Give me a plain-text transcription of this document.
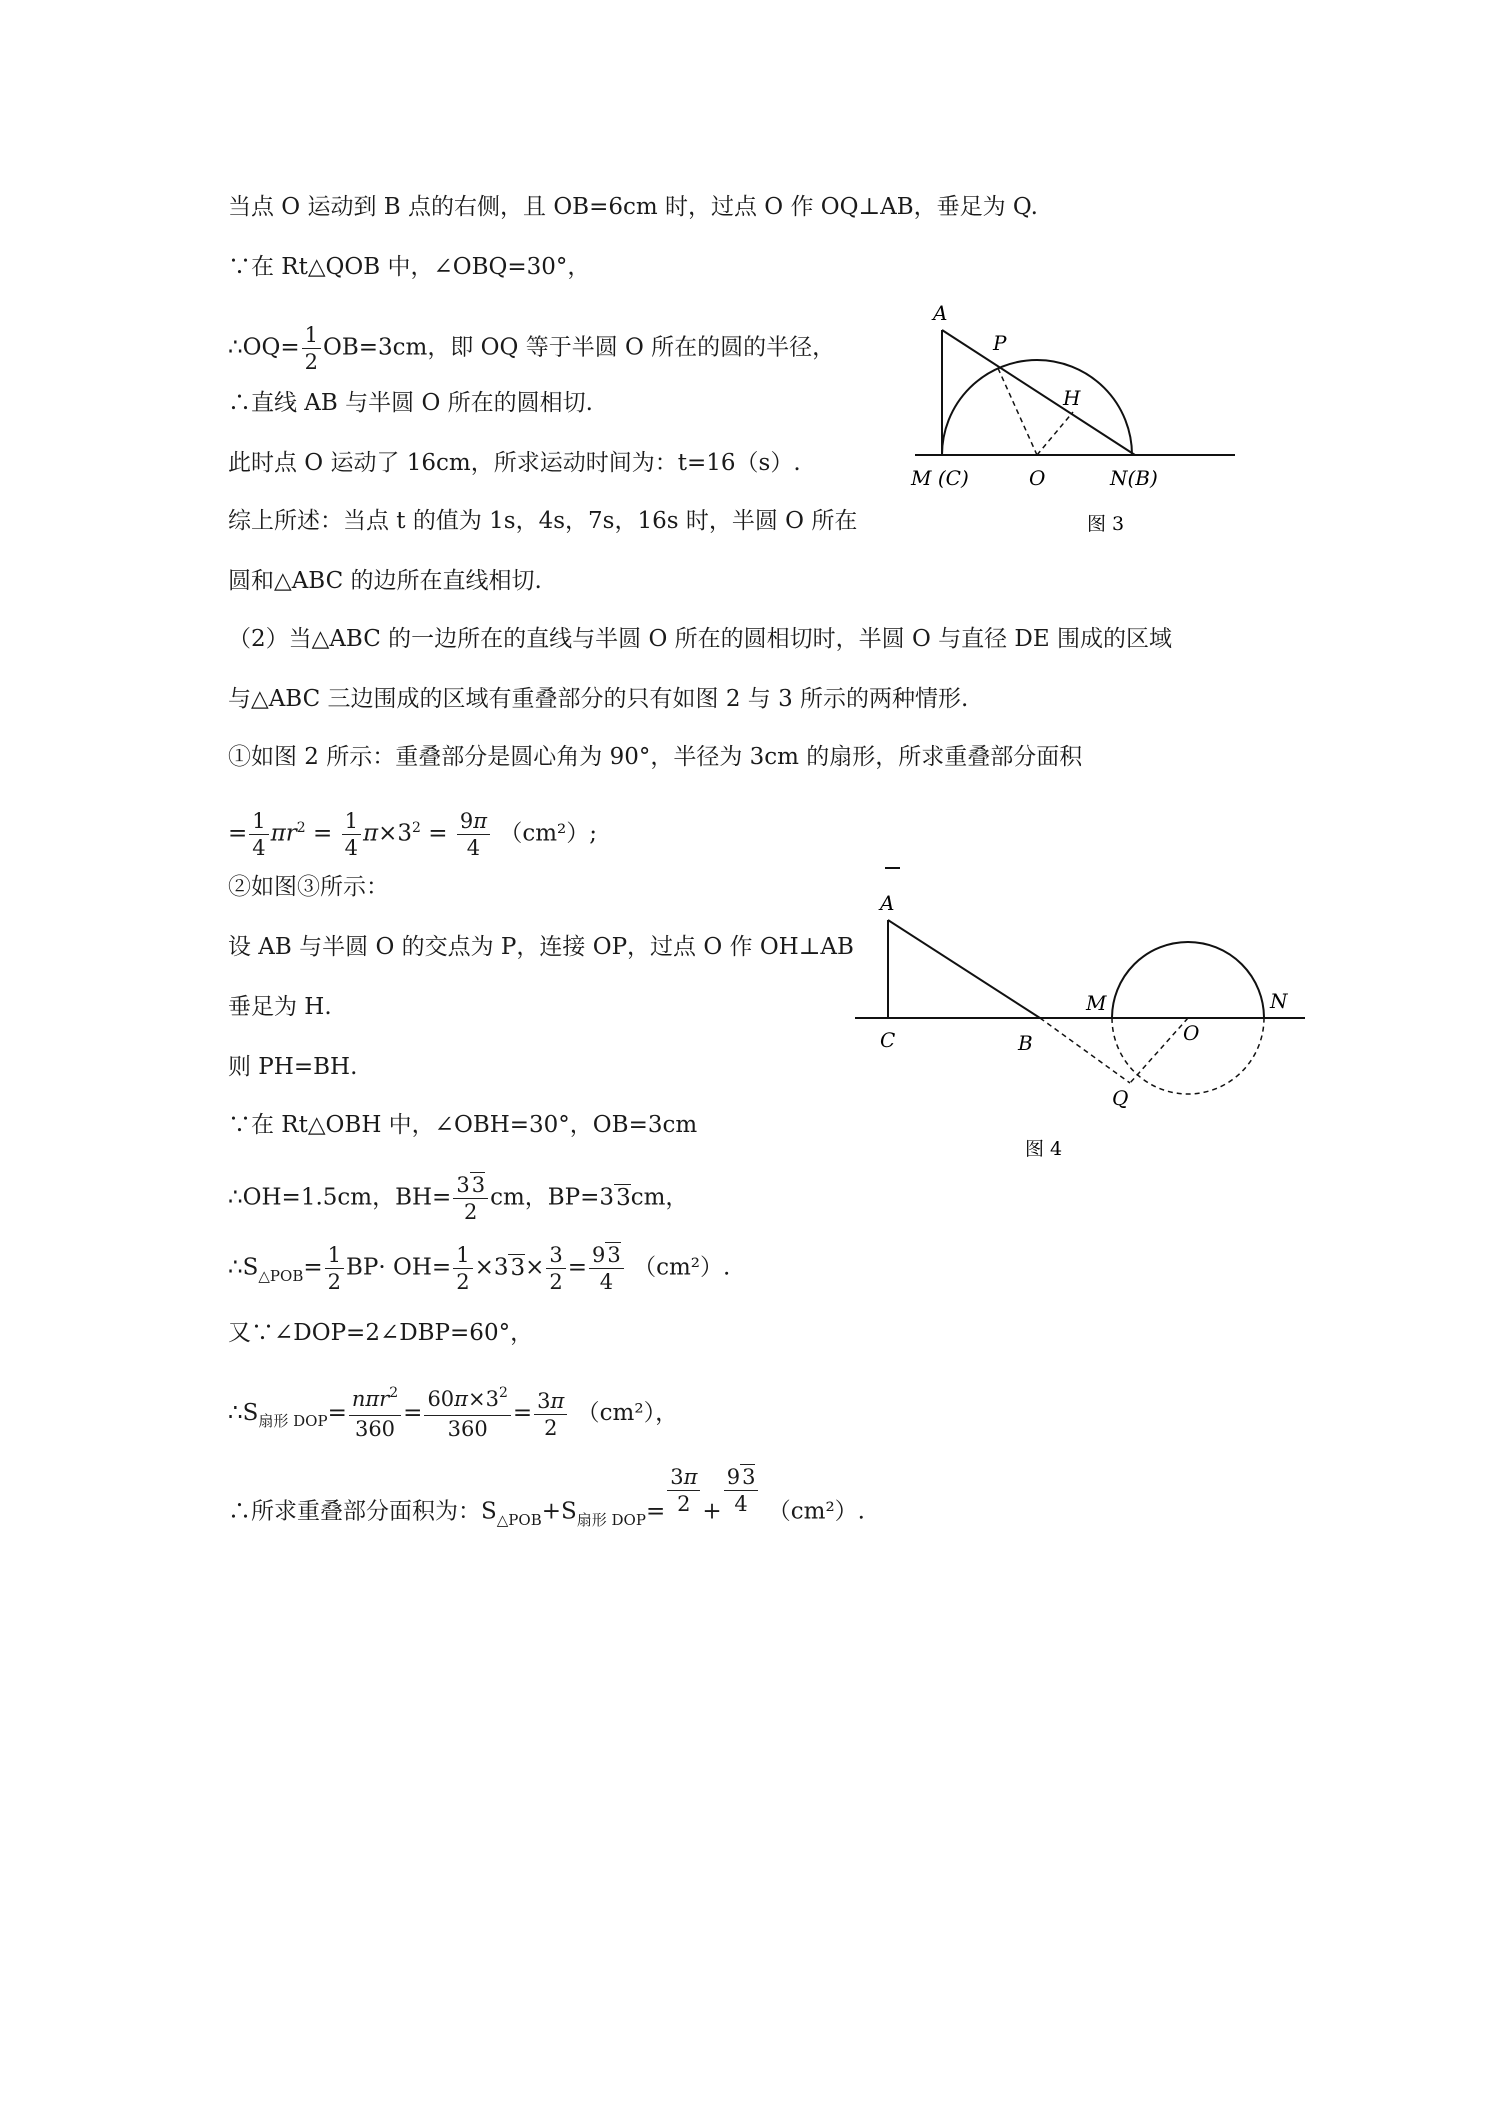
当点 O 运动到 B 点的右侧，且 OB=6cm 时，过点 O 作 OQ⊥AB，垂足为 Q.
∵在 Rt△QOB 中，∠OBQ=30°，
∴OQ= $\frac{1}{2} OB=3cm$，即 OQ 等于半圆 O 所在的圆的半径，
∴直线 AB 与半圆 O 所在的圆相切.
此时点 O 运动了 16cm，所求运动时间为：t=16（s）.
综上所述：当点 t 的值为 1s，4s，7s，16s 时，半圆 O 所在
圆和△ABC 的边所在直线相切.
（2）当△ABC 的一边所在的直线与半圆 O 所在的圆相切时，半圆 O 与直径 DE 围成的区域
与△ABC 三边围成的区域有重叠部分的只有如图 2 与 3 所示的两种情形.
①如图 2 所示：重叠部分是圆心角为 90°，半径为 3cm 的扇形，所求重叠部分面积
= $\frac{1}{4} \pi r^2 = \frac{1}{4} \pi\times 3^2 = \frac{9\pi}{4} (cm^2)$;
②如图③所示：
设 AB 与半圆 O 的交点为 P，连接 OP，过点 O 作 OH⊥AB
垂足为 H.
则 PH=BH.
∵在 Rt△OBH 中，∠OBH=30°，OB=3cm
∴OH=1.5cm，$BH= \frac{33}{2}$ cm，BP=33cm，
$\therefore S_{\triangle POB}= \frac{1}{2} BP\cdot OH= \frac{1}{2} \times 33\times \frac{3}{2} = \frac{93}{4} (cm^2)$.
又∵∠DOP=2∠DBP=60°，
$\therefore S_{扇形 DOP}= \frac{n\pi r^2}{360} = \frac{60\pi\times 3^2}{360} = \frac{3\pi}{2} (cm^2)$，
∴所求重叠部分面积为：$S_{\triangle POB}+S_{扇形 DOP}= \frac{3\pi}{2} + \frac{93}{4} (cm^2)$.
A
P
H
M (C)	O	N(B)
图 3
A
C	B
M
O
N
Q
图 4
